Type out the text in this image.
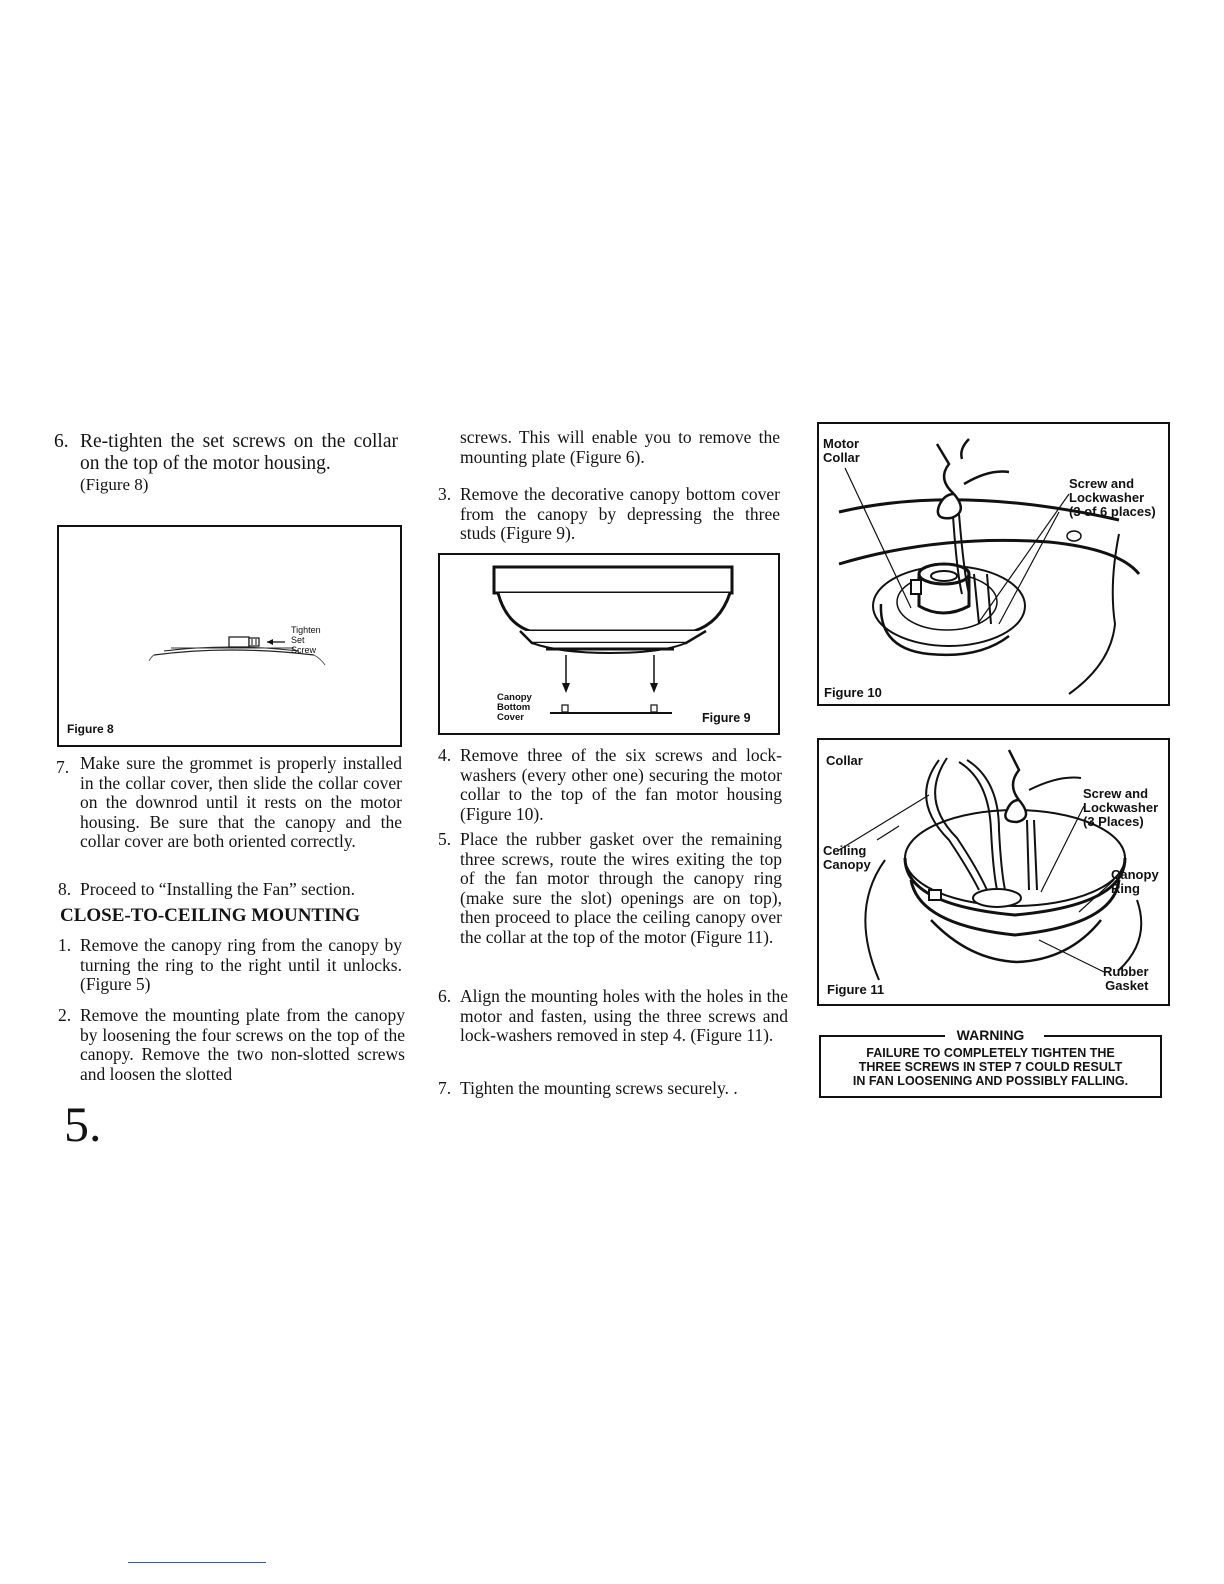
6. Re-tighten the set screws on the collar on the top of the motor housing.
(Figure 8)
Tighten
Set
Screw
Figure 8
7. Make sure the grommet is properly installed in the collar cover, then slide the collar cover on the downrod until it rests on the motor housing. Be sure that the canopy and the collar cover are both oriented correctly.
8. Proceed to “Installing the Fan” section.
CLOSE-TO-CEILING MOUNTING
1. Remove the canopy ring from the canopy by turning the ring to the right until it unlocks. (Figure 5)
2. Remove the mounting plate from the canopy by loosening the four screws on the top of the canopy. Remove the two non-slotted screws and loosen the slotted
5.
screws. This will enable you to remove the mounting plate (Figure 6).
3. Remove the decorative canopy bottom cover from the canopy by depressing the three studs (Figure 9).
Canopy
Bottom
Cover	Figure 9
4. Remove three of the six screws and lock-washers (every other one) securing the motor collar to the top of the fan motor housing (Figure 10).
5. Place the rubber gasket over the remaining three screws, route the wires exiting the top of the fan motor through the canopy ring (make sure the slot) openings are on top), then proceed to place the ceiling canopy over the collar at the top of the motor (Figure 11).
6. Align the mounting holes with the holes in the motor and fasten, using the three screws and lock-washers removed in step 4. (Figure 11).
7. Tighten the mounting screws securely. .
Motor
Collar
Screw and
Lockwasher
(3 of 6 places)
Figure 10
Collar
Screw and
Lockwasher
(3 Places)
Ceiling
Canopy
Canopy
Ring
Rubber
Gasket
Figure 11
WARNING
FAILURE TO COMPLETELY TIGHTEN THE
THREE SCREWS IN STEP 7 COULD RESULT
IN FAN LOOSENING AND POSSIBLY FALLING.
